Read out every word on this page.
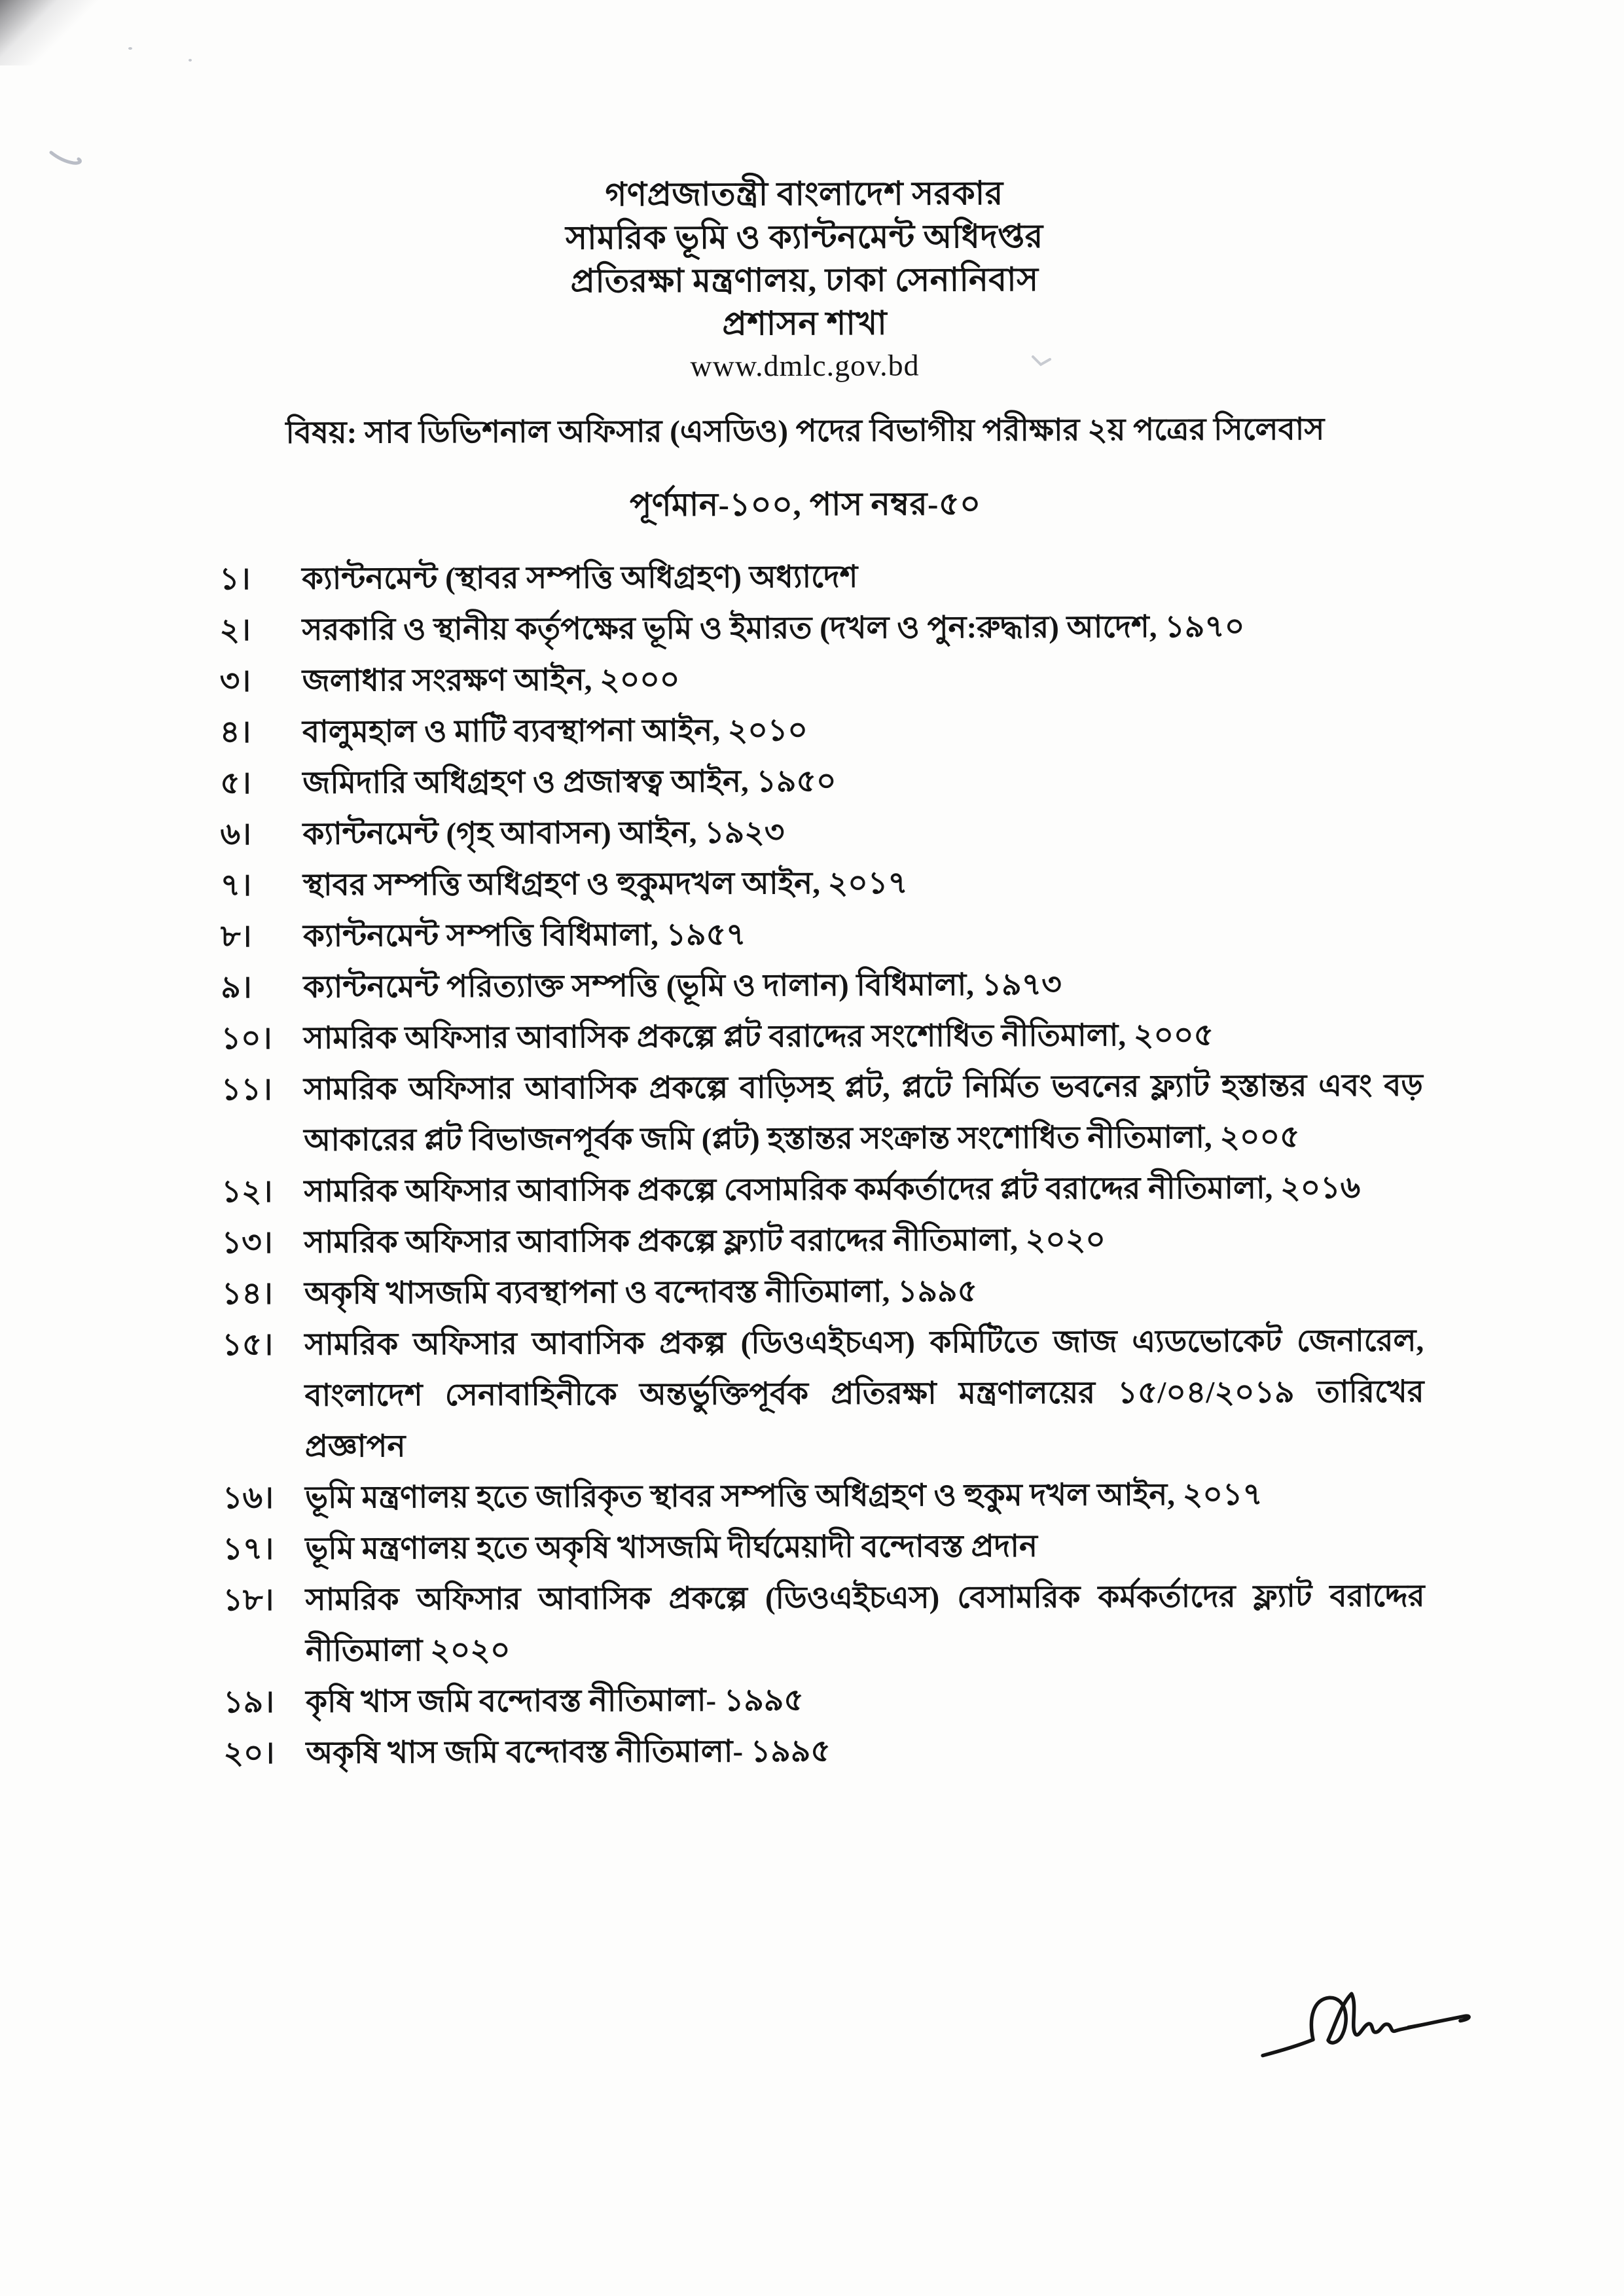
গণপ্রজাতন্ত্রী বাংলাদেশ সরকার
সামরিক ভূমি ও ক্যান্টনমেন্ট অধিদপ্তর
প্রতিরক্ষা মন্ত্রণালয়, ঢাকা সেনানিবাস
প্রশাসন শাখা
www.dmlc.gov.bd
বিষয়: সাব ডিভিশনাল অফিসার (এসডিও) পদের বিভাগীয় পরীক্ষার ২য় পত্রের সিলেবাস
পূর্ণমান-১০০, পাস নম্বর-৫০
১।	ক্যান্টনমেন্ট (স্থাবর সম্পত্তি অধিগ্রহণ) অধ্যাদেশ
২।	সরকারি ও স্থানীয় কর্তৃপক্ষের ভূমি ও ইমারত (দখল ও পুন:রুদ্ধার) আদেশ, ১৯৭০
৩।	জলাধার সংরক্ষণ আইন, ২০০০
৪।	বালুমহাল ও মাটি ব্যবস্থাপনা আইন, ২০১০
৫।	জমিদারি অধিগ্রহণ ও প্রজাস্বত্ব আইন, ১৯৫০
৬।	ক্যান্টনমেন্ট (গৃহ আবাসন) আইন, ১৯২৩
৭।	স্থাবর সম্পত্তি অধিগ্রহণ ও হুকুমদখল আইন, ২০১৭
৮।	ক্যান্টনমেন্ট সম্পত্তি বিধিমালা, ১৯৫৭
৯।	ক্যান্টনমেন্ট পরিত্যাক্ত সম্পত্তি (ভূমি ও দালান) বিধিমালা, ১৯৭৩
১০।	সামরিক অফিসার আবাসিক প্রকল্পে প্লট বরাদ্দের সংশোধিত নীতিমালা, ২০০৫
১১।	সামরিক অফিসার আবাসিক প্রকল্পে বাড়িসহ প্লট, প্লটে নির্মিত ভবনের ফ্ল্যাট হস্তান্তর এবং বড় আকারের প্লট বিভাজনপূর্বক জমি (প্লট) হস্তান্তর সংক্রান্ত সংশোধিত নীতিমালা, ২০০৫
১২।	সামরিক অফিসার আবাসিক প্রকল্পে বেসামরিক কর্মকর্তাদের প্লট বরাদ্দের নীতিমালা, ২০১৬
১৩।	সামরিক অফিসার আবাসিক প্রকল্পে ফ্ল্যাট বরাদ্দের নীতিমালা, ২০২০
১৪।	অকৃষি খাসজমি ব্যবস্থাপনা ও বন্দোবস্ত নীতিমালা, ১৯৯৫
১৫।	সামরিক অফিসার আবাসিক প্রকল্প (ডিওএইচএস) কমিটিতে জাজ এ্যডভোকেট জেনারেল, বাংলাদেশ সেনাবাহিনীকে অন্তর্ভুক্তিপূর্বক প্রতিরক্ষা মন্ত্রণালয়ের ১৫/০৪/২০১৯ তারিখের প্রজ্ঞাপন
১৬।	ভূমি মন্ত্রণালয় হতে জারিকৃত স্থাবর সম্পত্তি অধিগ্রহণ ও হুকুম দখল আইন, ২০১৭
১৭।	ভূমি মন্ত্রণালয় হতে অকৃষি খাসজমি দীর্ঘমেয়াদী বন্দোবস্ত প্রদান
১৮।	সামরিক অফিসার আবাসিক প্রকল্পে (ডিওএইচএস) বেসামরিক কর্মকর্তাদের ফ্ল্যাট বরাদ্দের নীতিমালা ২০২০
১৯।	কৃষি খাস জমি বন্দোবস্ত নীতিমালা- ১৯৯৫
২০।	অকৃষি খাস জমি বন্দোবস্ত নীতিমালা- ১৯৯৫
